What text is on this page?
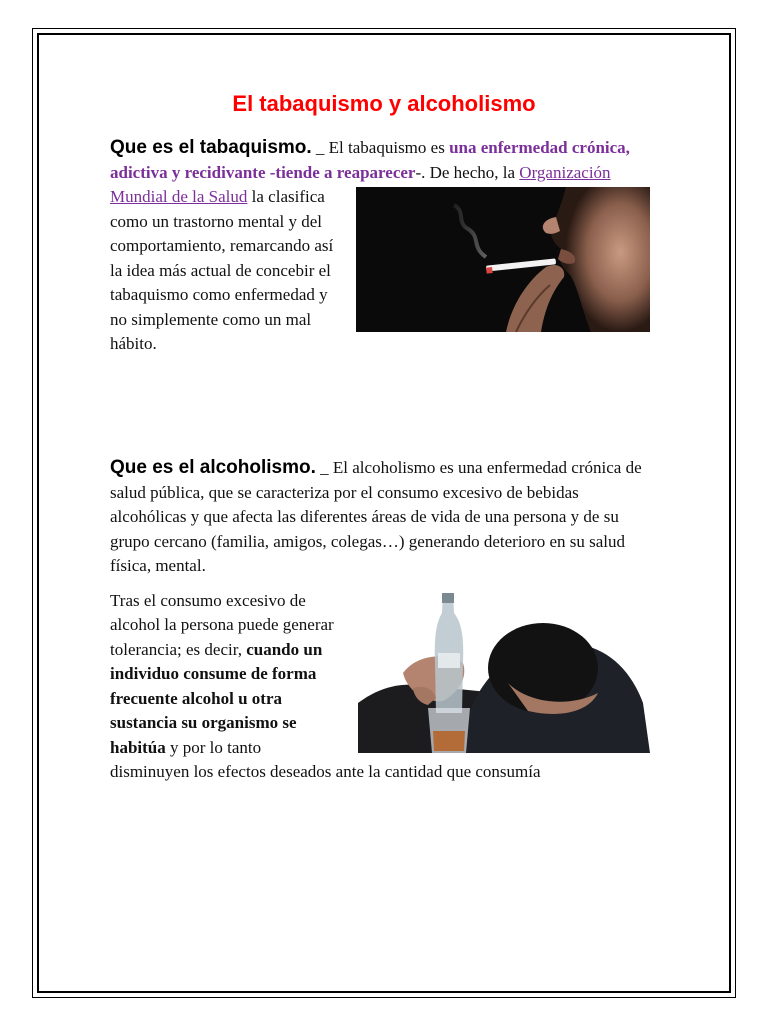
El tabaquismo y alcoholismo

Que es el tabaquismo. _ El tabaquismo es una enfermedad crónica, adictiva y recidivante -tiende a reaparecer
-. De hecho, la Organización Mundial de la Salud la clasifica como un trastorno mental y del comportamiento, remarcando así la idea más actual de concebir el tabaquismo como enfermedad y no simplemente como un mal hábito.

Que es el alcoholismo. _ El alcoholismo es una enfermedad crónica de salud pública, que se caracteriza por el consumo excesivo de bebidas alcohólicas y que afecta las diferentes áreas de vida de una persona y de su grupo cercano (familia, amigos, colegas…) generando deterioro en su salud física, mental.

Tras el consumo excesivo de alcohol la persona puede generar tolerancia; es decir, cuando un individuo consume de forma frecuente alcohol u otra sustancia su organismo se habitúa y por lo tanto disminuyen los efectos deseados ante la cantidad que consumía
